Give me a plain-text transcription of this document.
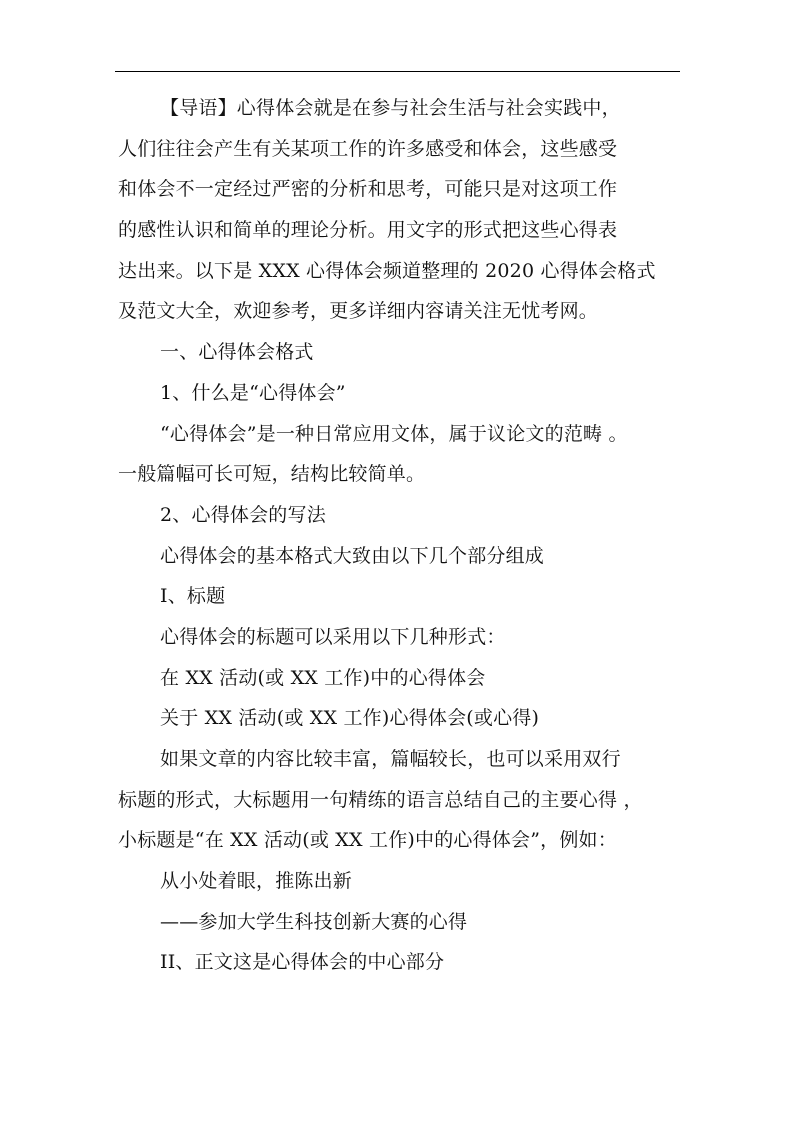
【导语】心得体会就是在参与社会生活与社会实践中，
人们往往会产生有关某项工作的许多感受和体会，这些感受
和体会不一定经过严密的分析和思考，可能只是对这项工作
的感性认识和简单的理论分析。用文字的形式把这些心得表
达出来。以下是 XXX 心得体会频道整理的 2020 心得体会格式
及范文大全，欢迎参考，更多详细内容请关注无忧考网。
一、心得体会格式
1、什么是“心得体会”
“心得体会”是一种日常应用文体，属于议论文的范畴 。
一般篇幅可长可短，结构比较简单。
2、心得体会的写法
心得体会的基本格式大致由以下几个部分组成
I、标题
心得体会的标题可以采用以下几种形式：
在 XX 活动(或 XX 工作)中的心得体会
关于 XX 活动(或 XX 工作)心得体会(或心得)
如果文章的内容比较丰富，篇幅较长，也可以采用双行
标题的形式，大标题用一句精练的语言总结自己的主要心得 ，
小标题是“在 XX 活动(或 XX 工作)中的心得体会”，例如：
从小处着眼，推陈出新
——参加大学生科技创新大赛的心得
II、正文这是心得体会的中心部分
